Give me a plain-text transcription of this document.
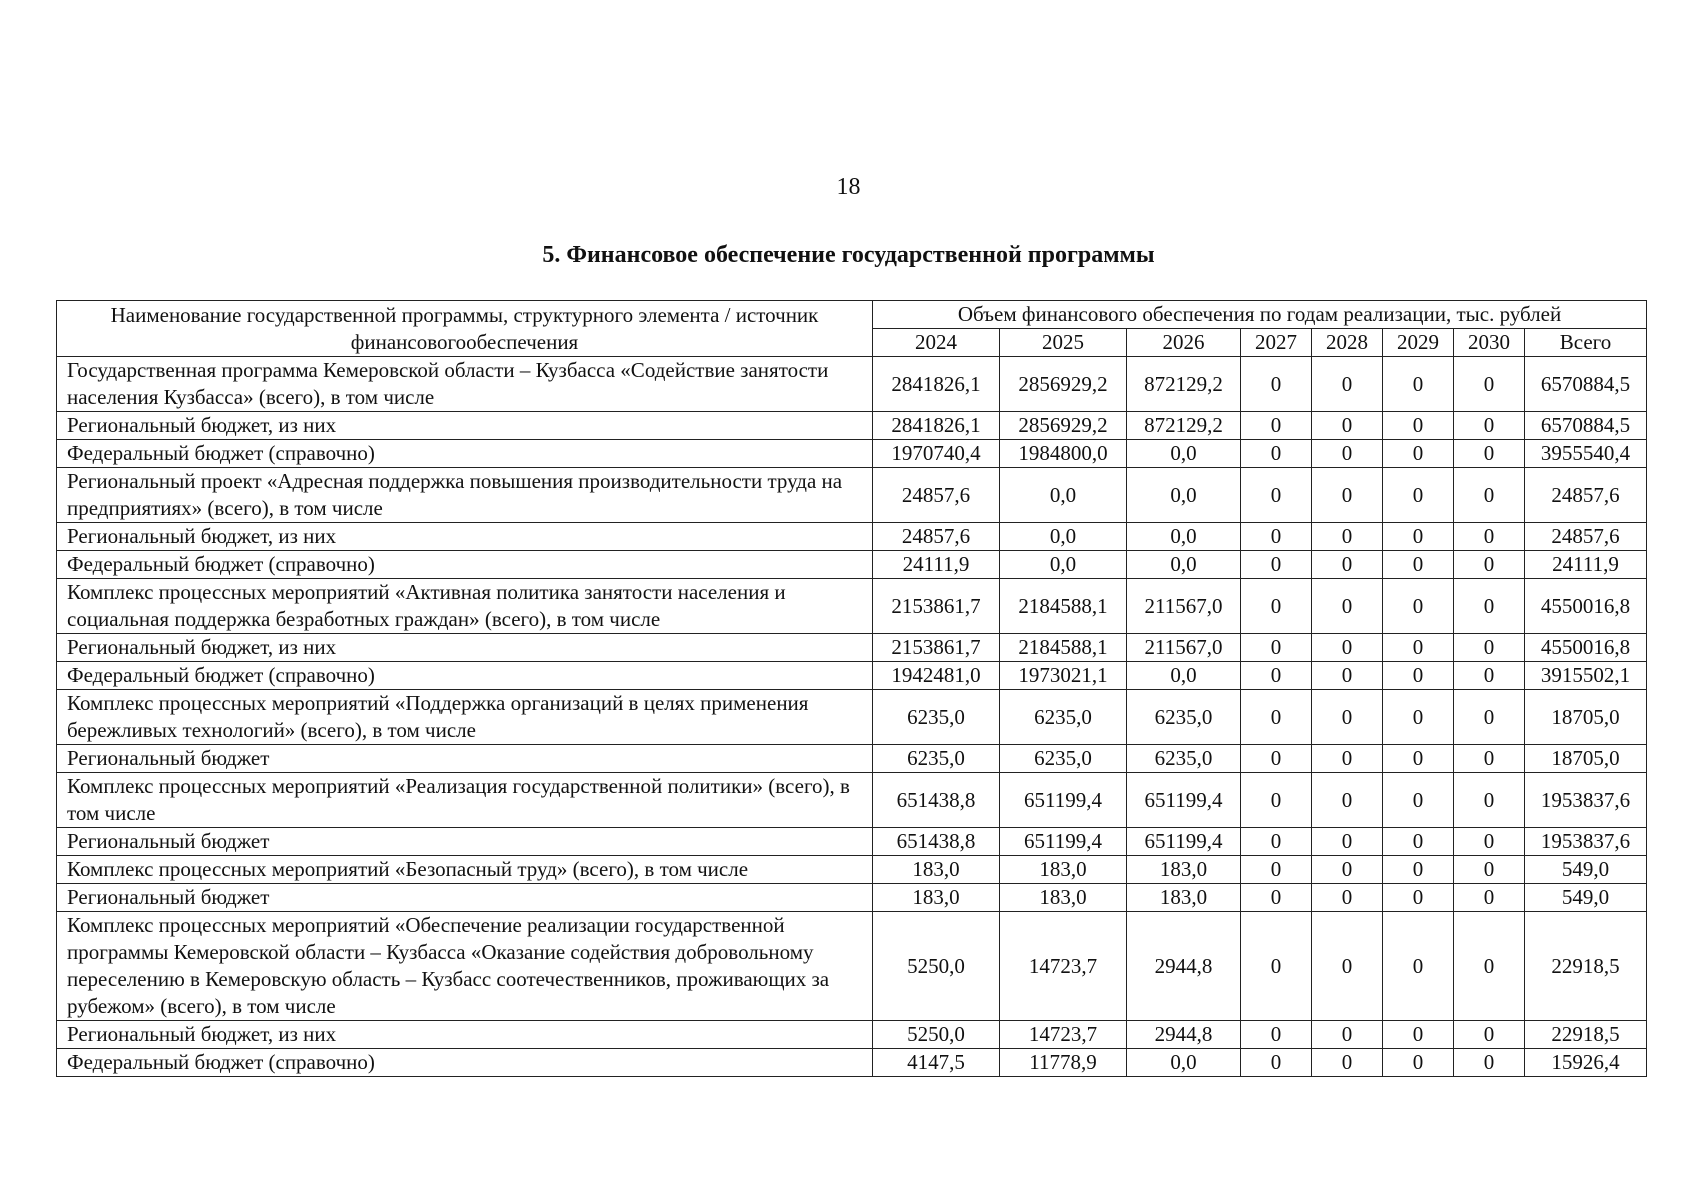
18
5. Финансовое обеспечение государственной программы
Наименование государственной программы, структурного элемента / источник финансовогообеспечения	Объем финансового обеспечения по годам реализации, тыс. рублей							
	2024	2025	2026	2027	2028	2029	2030	Всего
Государственная программа Кемеровской области – Кузбасса «Содействие занятости населения Кузбасса» (всего), в том числе	2841826,1	2856929,2	872129,2	0	0	0	0	6570884,5
Региональный бюджет, из них	2841826,1	2856929,2	872129,2	0	0	0	0	6570884,5
Федеральный бюджет (справочно)	1970740,4	1984800,0	0,0	0	0	0	0	3955540,4
Региональный проект «Адресная поддержка повышения производительности труда на предприятиях» (всего), в том числе	24857,6	0,0	0,0	0	0	0	0	24857,6
Региональный бюджет, из них	24857,6	0,0	0,0	0	0	0	0	24857,6
Федеральный бюджет (справочно)	24111,9	0,0	0,0	0	0	0	0	24111,9
Комплекс процессных мероприятий «Активная политика занятости населения и социальная поддержка безработных граждан» (всего), в том числе	2153861,7	2184588,1	211567,0	0	0	0	0	4550016,8
Региональный бюджет, из них	2153861,7	2184588,1	211567,0	0	0	0	0	4550016,8
Федеральный бюджет (справочно)	1942481,0	1973021,1	0,0	0	0	0	0	3915502,1
Комплекс процессных мероприятий «Поддержка организаций в целях применения бережливых технологий» (всего), в том числе	6235,0	6235,0	6235,0	0	0	0	0	18705,0
Региональный бюджет	6235,0	6235,0	6235,0	0	0	0	0	18705,0
Комплекс процессных мероприятий «Реализация государственной политики» (всего), в том числе	651438,8	651199,4	651199,4	0	0	0	0	1953837,6
Региональный бюджет	651438,8	651199,4	651199,4	0	0	0	0	1953837,6
Комплекс процессных мероприятий «Безопасный труд» (всего), в том числе	183,0	183,0	183,0	0	0	0	0	549,0
Региональный бюджет	183,0	183,0	183,0	0	0	0	0	549,0
Комплекс процессных мероприятий «Обеспечение реализации государственной программы Кемеровской области – Кузбасса «Оказание содействия добровольному переселению в Кемеровскую область – Кузбасс соотечественников, проживающих за рубежом» (всего), в том числе	5250,0	14723,7	2944,8	0	0	0	0	22918,5
Региональный бюджет, из них	5250,0	14723,7	2944,8	0	0	0	0	22918,5
Федеральный бюджет (справочно)	4147,5	11778,9	0,0	0	0	0	0	15926,4
